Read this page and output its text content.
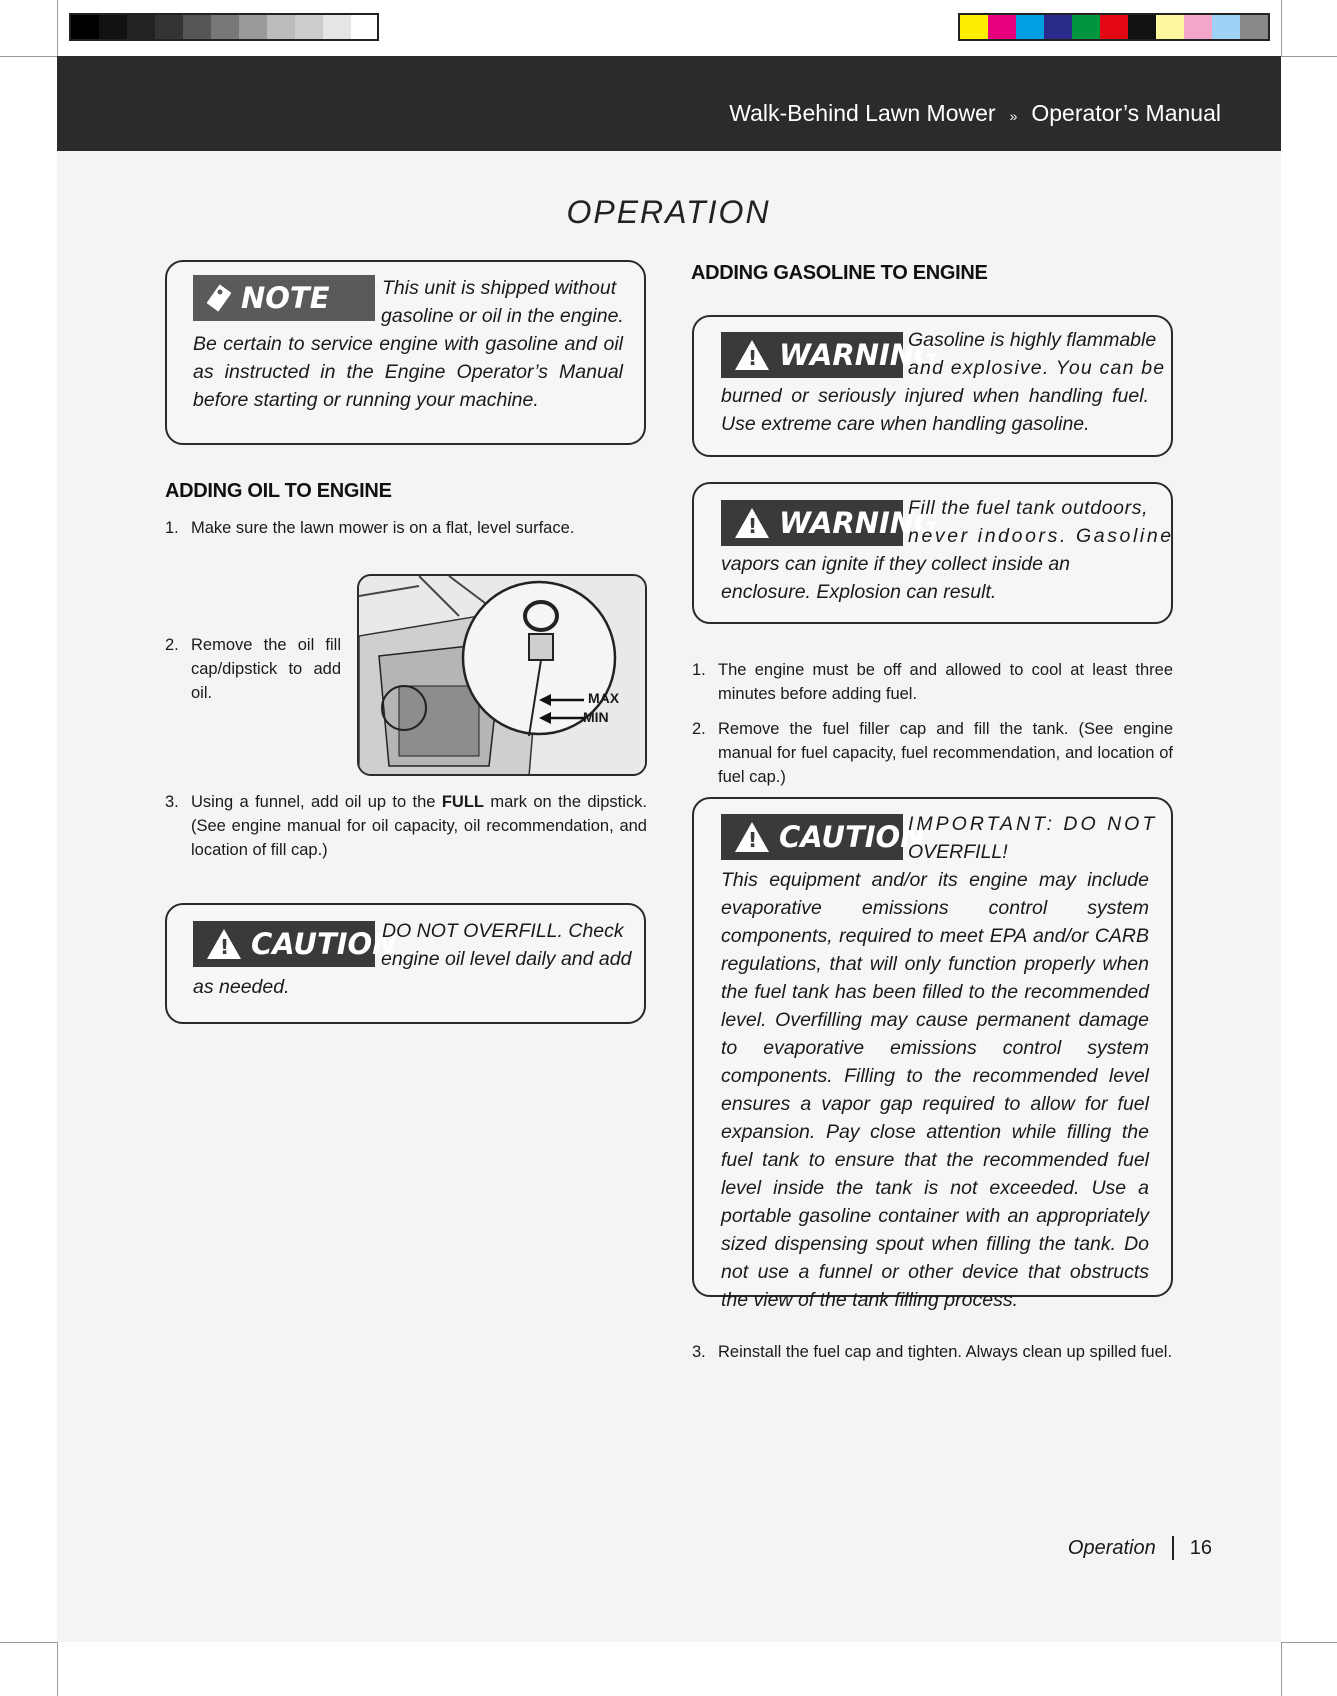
Walk-Behind Lawn Mower » Operator’s Manual
OPERATION
NOTE	This unit is shipped without
gasoline or oil in the engine.
Be certain to service engine with gasoline and oil as instructed in the Engine Operator’s Manual before starting or running your machine.
ADDING OIL TO ENGINE
1. Make sure the lawn mower is on a flat, level surface.
2. Remove the oil fill cap/dipstick to add oil.	MAX
MIN
3. Using a funnel, add oil up to the FULL mark on the dipstick. (See engine manual for oil capacity, oil recommendation, and location of fill cap.)
!
CAUTION
DO NOT OVERFILL. Check
engine oil level daily and add
as needed.
ADDING GASOLINE TO ENGINE
!
WARNING
Gasoline is highly flammable
and explosive. You can be
burned or seriously injured when handling fuel. Use extreme care when handling gasoline.
!
WARNING
Fill the fuel tank outdoors,
never indoors. Gasoline
vapors can ignite if they collect inside an enclosure. Explosion can result.
1. The engine must be off and allowed to cool at least three minutes before adding fuel.
2. Remove the fuel filler cap and fill the tank. (See engine manual for fuel capacity, fuel recommendation, and location of fuel cap.)
!
CAUTION
IMPORTANT: DO NOT
OVERFILL!
This equipment and/or its engine may include evaporative emissions control system components, required to meet EPA and/or CARB regulations, that will only function properly when the fuel tank has been filled to the recommended level. Overfilling may cause permanent damage to evaporative emissions control system components. Filling to the recommended level ensures a vapor gap required to allow for fuel expansion. Pay close attention while filling the fuel tank to ensure that the recommended fuel level inside the tank is not exceeded. Use a portable gasoline container with an appropriately sized dispensing spout when filling the tank. Do not use a funnel or other device that obstructs the view of the tank filling process.
3. Reinstall the fuel cap and tighten. Always clean up spilled fuel.
Operation 16
